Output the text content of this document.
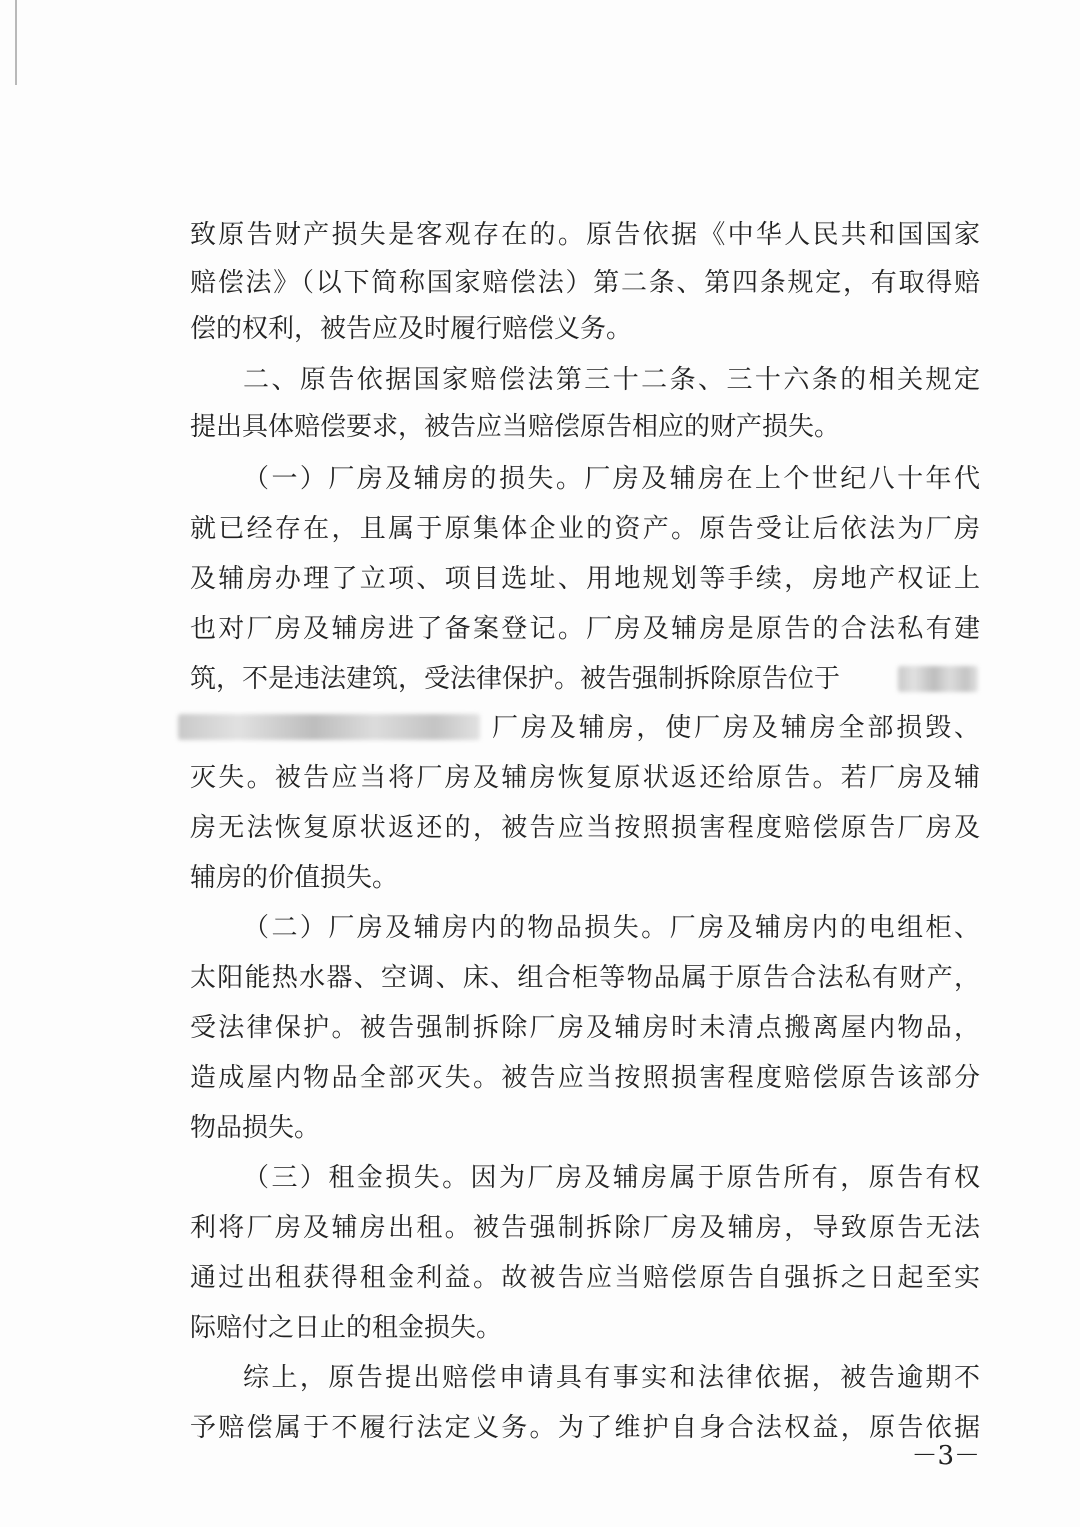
致原告财产损失是客观存在的。原告依据《中华人民共和国国家
赔偿法》（以下简称国家赔偿法）第二条、第四条规定，有取得赔
偿的权利，被告应及时履行赔偿义务。
二、原告依据国家赔偿法第三十二条、三十六条的相关规定
提出具体赔偿要求，被告应当赔偿原告相应的财产损失。
（一）厂房及辅房的损失。厂房及辅房在上个世纪八十年代
就已经存在，且属于原集体企业的资产。原告受让后依法为厂房
及辅房办理了立项、项目选址、用地规划等手续，房地产权证上
也对厂房及辅房进了备案登记。厂房及辅房是原告的合法私有建
筑，不是违法建筑，受法律保护。被告强制拆除原告位于
厂房及辅房，使厂房及辅房全部损毁、
灭失。被告应当将厂房及辅房恢复原状返还给原告。若厂房及辅
房无法恢复原状返还的，被告应当按照损害程度赔偿原告厂房及
辅房的价值损失。
（二）厂房及辅房内的物品损失。厂房及辅房内的电组柜、
太阳能热水器、空调、床、组合柜等物品属于原告合法私有财产，
受法律保护。被告强制拆除厂房及辅房时未清点搬离屋内物品，
造成屋内物品全部灭失。被告应当按照损害程度赔偿原告该部分
物品损失。
（三）租金损失。因为厂房及辅房属于原告所有，原告有权
利将厂房及辅房出租。被告强制拆除厂房及辅房，导致原告无法
通过出租获得租金利益。故被告应当赔偿原告自强拆之日起至实
际赔付之日止的租金损失。
综上，原告提出赔偿申请具有事实和法律依据，被告逾期不
予赔偿属于不履行法定义务。为了维护自身合法权益，原告依据
－3－
